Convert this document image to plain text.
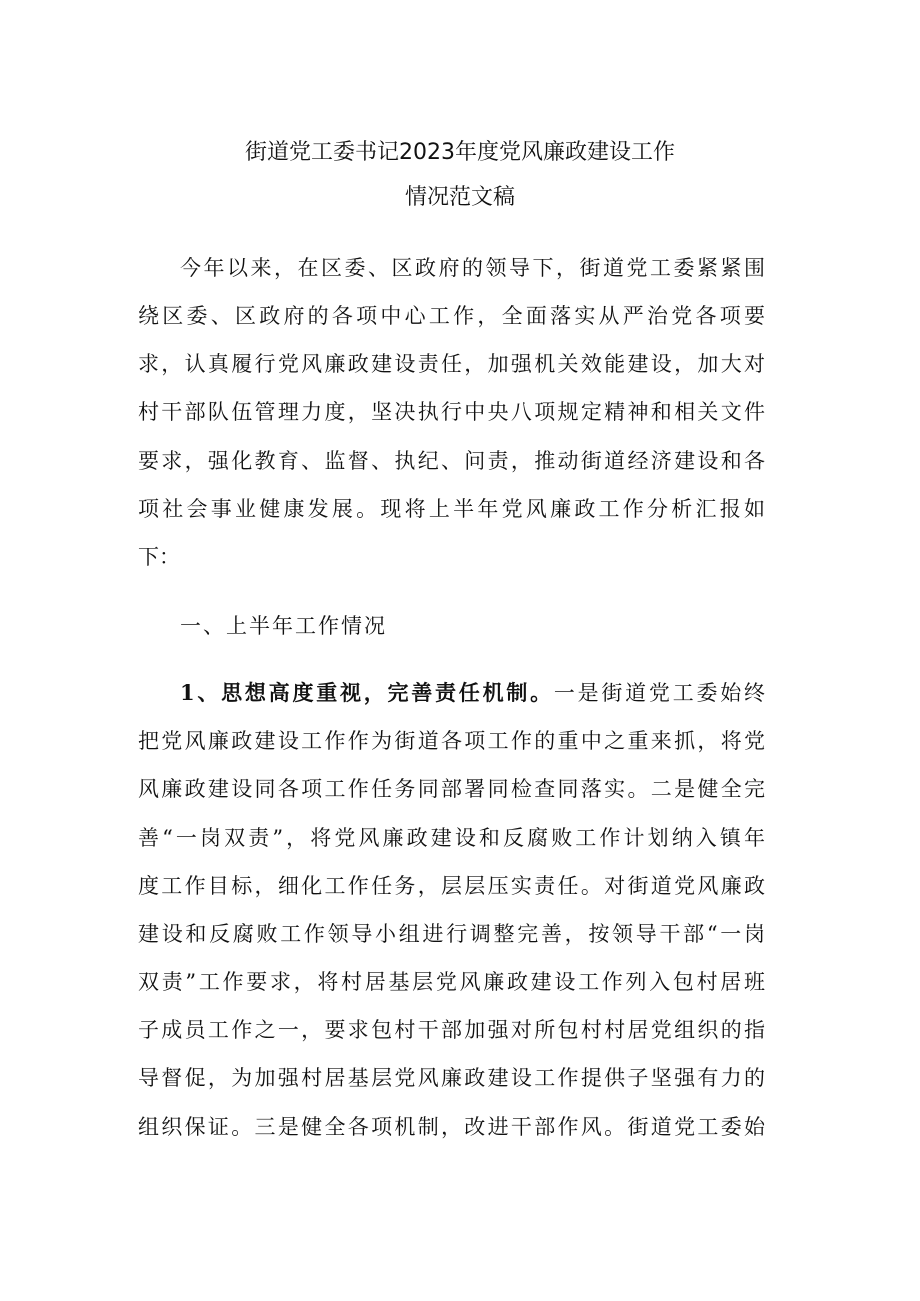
街道党工委书记2023年度党风廉政建设工作
情况范文稿
今年以来，在区委、区政府的领导下，街道党工委紧紧围
绕区委、区政府的各项中心工作，全面落实从严治党各项要
求，认真履行党风廉政建设责任，加强机关效能建设，加大对
村干部队伍管理力度，坚决执行中央八项规定精神和相关文件
要求，强化教育、监督、执纪、问责，推动街道经济建设和各
项社会事业健康发展。现将上半年党风廉政工作分析汇报如
下：
一、上半年工作情况
1、思想高度重视，完善责任机制。一是街道党工委始终
把党风廉政建设工作作为街道各项工作的重中之重来抓，将党
风廉政建设同各项工作任务同部署同检查同落实。二是健全完
善“一岗双责”，将党风廉政建设和反腐败工作计划纳入镇年
度工作目标，细化工作任务，层层压实责任。对街道党风廉政
建设和反腐败工作领导小组进行调整完善，按领导干部“一岗
双责”工作要求，将村居基层党风廉政建设工作列入包村居班
子成员工作之一，要求包村干部加强对所包村村居党组织的指
导督促，为加强村居基层党风廉政建设工作提供子坚强有力的
组织保证。三是健全各项机制，改进干部作风。街道党工委始
